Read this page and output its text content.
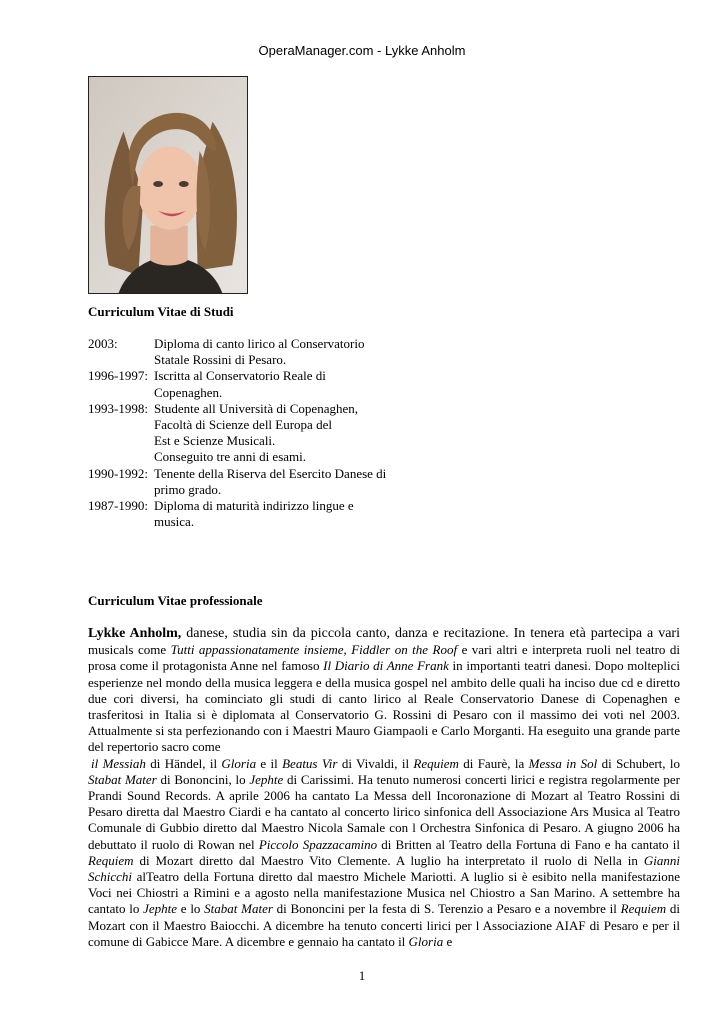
OperaManager.com - Lykke Anholm
Curriculum Vitae di Studi
2003:	Diploma di canto lirico al Conservatorio
Statale Rossini di Pesaro.
1996-1997: Iscritta al Conservatorio Reale di
Copenaghen.
1993-1998: Studente all Università di Copenaghen,
Facoltà di Scienze dell Europa del
Est e Scienze Musicali.
Conseguito tre anni di esami.
1990-1992: Tenente della Riserva del Esercito Danese di
primo grado.
1987-1990: Diploma di maturità indirizzo lingue e
musica.
Curriculum Vitae professionale

Lykke Anholm, danese, studia sin da piccola canto, danza e recitazione. In tenera età partecipa a vari musicals come Tutti appassionatamente insieme, Fiddler on the Roof e vari altri e interpreta ruoli nel teatro di prosa come il protagonista Anne nel famoso Il Diario di Anne Frank in importanti teatri danesi. Dopo molteplici esperienze nel mondo della musica leggera e della musica gospel nel ambito delle quali ha inciso due cd e diretto due cori diversi, ha cominciato gli studi di canto lirico al Reale Conservatorio Danese di Copenaghen e trasferitosi in Italia si è diplomata al Conservatorio G. Rossini di Pesaro con il massimo dei voti nel 2003. Attualmente si sta perfezionando con i Maestri Mauro Giampaoli e Carlo Morganti. Ha eseguito una grande parte del repertorio sacro come
il Messiah di Händel, il Gloria e il Beatus Vir di Vivaldi, il Requiem di Faurè, la Messa in Sol di Schubert, lo Stabat Mater di Bononcini, lo Jephte di Carissimi. Ha tenuto numerosi concerti lirici e registra regolarmente per Prandi Sound Records. A aprile 2006 ha cantato La Messa dell Incoronazione di Mozart al Teatro Rossini di Pesaro diretta dal Maestro Ciardi e ha cantato al concerto lirico sinfonica dell Associazione Ars Musica al Teatro Comunale di Gubbio diretto dal Maestro Nicola Samale con l Orchestra Sinfonica di Pesaro. A giugno 2006 ha debuttato il ruolo di Rowan nel Piccolo Spazzacamino di Britten al Teatro della Fortuna di Fano e ha cantato il Requiem di Mozart diretto dal Maestro Vito Clemente. A luglio ha interpretato il ruolo di Nella in Gianni Schicchi alTeatro della Fortuna diretto dal maestro Michele Mariotti. A luglio si è esibito nella manifestazione Voci nei Chiostri a Rimini e a agosto nella manifestazione Musica nel Chiostro a San Marino. A settembre ha cantato lo Jephte e lo Stabat Mater di Bononcini per la festa di S. Terenzio a Pesaro e a novembre il Requiem di Mozart con il Maestro Baiocchi. A dicembre ha tenuto concerti lirici per l Associazione AIAF di Pesaro e per il comune di Gabicce Mare. A dicembre e gennaio ha cantato il Gloria e

1
